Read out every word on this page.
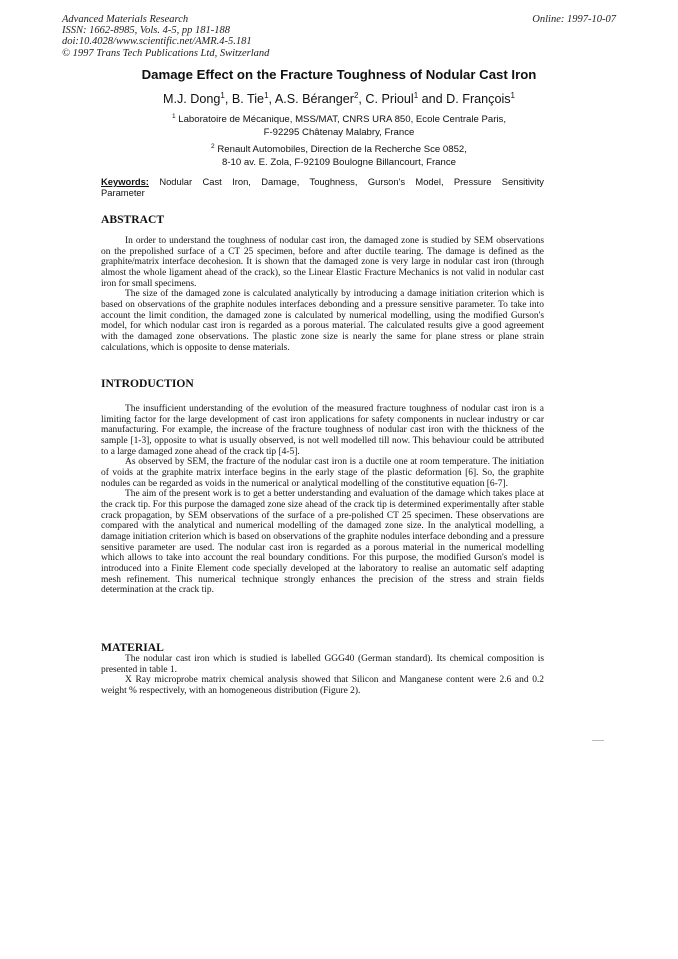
Advanced Materials Research
ISSN: 1662-8985, Vols. 4-5, pp 181-188
doi:10.4028/www.scientific.net/AMR.4-5.181
© 1997 Trans Tech Publications Ltd, Switzerland
Online: 1997-10-07
Damage Effect on the Fracture Toughness of Nodular Cast Iron
M.J. Dong$^1$, B. Tie$^1$, A.S. Béranger$^2$, C. Prioul$^1$ and D. François$^1$
$^1$ Laboratoire de Mécanique, MSS/MAT, CNRS URA 850, Ecole Centrale Paris,
F-92295 Châtenay Malabry, France
$^2$ Renault Automobiles, Direction de la Recherche Sce 0852,
8-10 av. E. Zola, F-92109 Boulogne Billancourt, France
Keywords: Nodular Cast Iron, Damage, Toughness, Gurson's Model, Pressure Sensitivity
Parameter
ABSTRACT

In order to understand the toughness of nodular cast iron, the damaged zone is studied by SEM observations on the prepolished surface of a CT 25 specimen, before and after ductile tearing. The damage is defined as the graphite/matrix interface decohesion. It is shown that the damaged zone is very large in nodular cast iron (through almost the whole ligament ahead of the crack), so the Linear Elastic Fracture Mechanics is not valid in nodular cast iron for small specimens.

The size of the damaged zone is calculated analytically by introducing a damage initiation criterion which is based on observations of the graphite nodules interfaces debonding and a pressure sensitive parameter. To take into account the limit condition, the damaged zone is calculated by numerical modelling, using the modified Gurson's model, for which nodular cast iron is regarded as a porous material. The calculated results give a good agreement with the damaged zone observations. The plastic zone size is nearly the same for plane stress or plane strain calculations, which is opposite to dense materials.

INTRODUCTION

The insufficient understanding of the evolution of the measured fracture toughness of nodular cast iron is a limiting factor for the large development of cast iron applications for safety components in nuclear industry or car manufacturing. For example, the increase of the fracture toughness of nodular cast iron with the thickness of the sample [1-3], opposite to what is usually observed, is not well modelled till now. This behaviour could be attributed to a large damaged zone ahead of the crack tip [4-5].

As observed by SEM, the fracture of the nodular cast iron is a ductile one at room temperature. The initiation of voids at the graphite matrix interface begins in the early stage of the plastic deformation [6]. So, the graphite nodules can be regarded as voids in the numerical or analytical modelling of the constitutive equation [6-7].

The aim of the present work is to get a better understanding and evaluation of the damage which takes place at the crack tip. For this purpose the damaged zone size ahead of the crack tip is determined experimentally after stable crack propagation, by SEM observations of the surface of a pre-polished CT 25 specimen. These observations are compared with the analytical and numerical modelling of the damaged zone size. In the analytical modelling, a damage initiation criterion which is based on observations of the graphite nodules interface debonding and a pressure sensitive parameter are used. The nodular cast iron is regarded as a porous material in the numerical modelling which allows to take into account the real boundary conditions. For this purpose, the modified Gurson's model is introduced into a Finite Element code specially developed at the laboratory to realise an automatic self adapting mesh refinement. This numerical technique strongly enhances the precision of the stress and strain fields determination at the crack tip.

MATERIAL

The nodular cast iron which is studied is labelled GGG40 (German standard). Its chemical composition is presented in table 1.

X Ray microprobe matrix chemical analysis showed that Silicon and Manganese content were 2.6 and 0.2 weight % respectively, with an homogeneous distribution (Figure 2).
